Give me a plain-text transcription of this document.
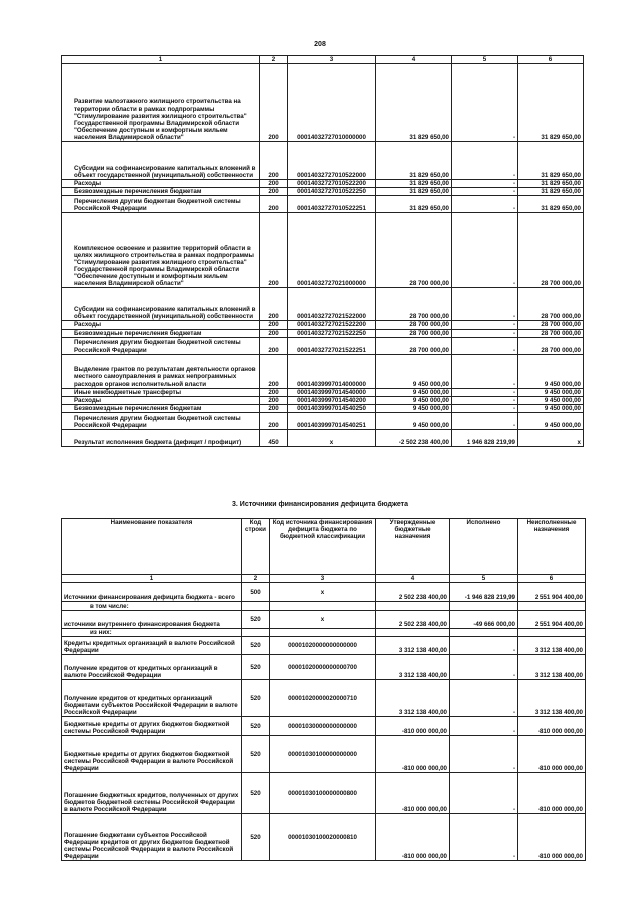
208
1	2	3	4	5	6
Развитие малоэтажного жилищного строительства на территории области в рамках подпрограммы "Стимулирование развития жилищного строительства" Государственной программы Владимирской области "Обеспечение доступным и комфортным жильем населения Владимирской области"	200	00014032727010000000	31 829 650,00	-	31 829 650,00
Субсидии на софинансирование капитальных вложений в объект государственной (муниципальной) собственности	200	00014032727010522000	31 829 650,00	-	31 829 650,00
Расходы	200	00014032727010522200	31 829 650,00	-	31 829 650,00
Безвозмездные перечисления бюджетам	200	00014032727010522250	31 829 650,00	-	31 829 650,00
Перечисления другим бюджетам бюджетной системы Российской Федерации	200	00014032727010522251	31 829 650,00	-	31 829 650,00
Комплексное освоение и развитие территорий области в целях жилищного строительства в рамках подпрограммы "Стимулирование развития жилищного строительства" Государственной программы Владимирской области "Обеспечение доступным и комфортным жильем населения Владимирской области"	200	00014032727021000000	28 700 000,00	-	28 700 000,00
Субсидии на софинансирование капитальных вложений в объект государственной (муниципальной) собственности	200	00014032727021522000	28 700 000,00	-	28 700 000,00
Расходы	200	00014032727021522200	28 700 000,00	-	28 700 000,00
Безвозмездные перечисления бюджетам	200	00014032727021522250	28 700 000,00	-	28 700 000,00
Перечисления другим бюджетам бюджетной системы Российской Федерации	200	00014032727021522251	28 700 000,00	-	28 700 000,00
Выделение грантов по результатам деятельности органов местного самоуправления в рамках непрограммных расходов органов исполнительной власти	200	00014039997014000000	9 450 000,00	-	9 450 000,00
Иные межбюджетные трансферты	200	00014039997014540000	9 450 000,00	-	9 450 000,00
Расходы	200	00014039997014540200	9 450 000,00	-	9 450 000,00
Безвозмездные перечисления бюджетам	200	00014039997014540250	9 450 000,00	-	9 450 000,00
Перечисления другим бюджетам бюджетной системы Российской Федерации	200	00014039997014540251	9 450 000,00	-	9 450 000,00
Результат исполнения бюджета (дефицит / профицит)	450	x	-2 502 238 400,00	1 946 828 219,99	x
3. Источники финансирования дефицита бюджета
Наименование показателя	Код строки	Код источника финансирования дефицита бюджета по бюджетной классификации	Утвержденные бюджетные назначения	Исполнено	Неисполненные назначения
1	2	3	4	5	6
Источники финансирования дефицита бюджета - всего	500	x	2 502 238 400,00	-1 946 828 219,99	2 551 904 400,00
в том числе:					
источники внутреннего финансирования бюджета	520	x	2 502 238 400,00	-49 666 000,00	2 551 904 400,00
из них:					
Кредиты кредитных организаций в валюте Российской Федерации	520	00001020000000000000	3 312 138 400,00	-	3 312 138 400,00
Получение кредитов от кредитных организаций в валюте Российской Федерации	520	00001020000000000700	3 312 138 400,00	-	3 312 138 400,00
Получение кредитов от кредитных организаций бюджетами субъектов Российской Федерации в валюте Российской Федерации	520	00001020000020000710	3 312 138 400,00	-	3 312 138 400,00
Бюджетные кредиты от других бюджетов бюджетной системы Российской Федерации	520	00001030000000000000	-810 000 000,00	-	-810 000 000,00
Бюджетные кредиты от других бюджетов бюджетной системы Российской Федерации в валюте Российской Федерации	520	00001030100000000000	-810 000 000,00	-	-810 000 000,00
Погашение бюджетных кредитов, полученных от других бюджетов бюджетной системы Российской Федерации в валюте Российской Федерации	520	00001030100000000800	-810 000 000,00	-	-810 000 000,00
Погашение бюджетами субъектов Российской Федерации кредитов от других бюджетов бюджетной системы Российской Федерации в валюте Российской Федерации	520	00001030100020000810	-810 000 000,00	-	-810 000 000,00
